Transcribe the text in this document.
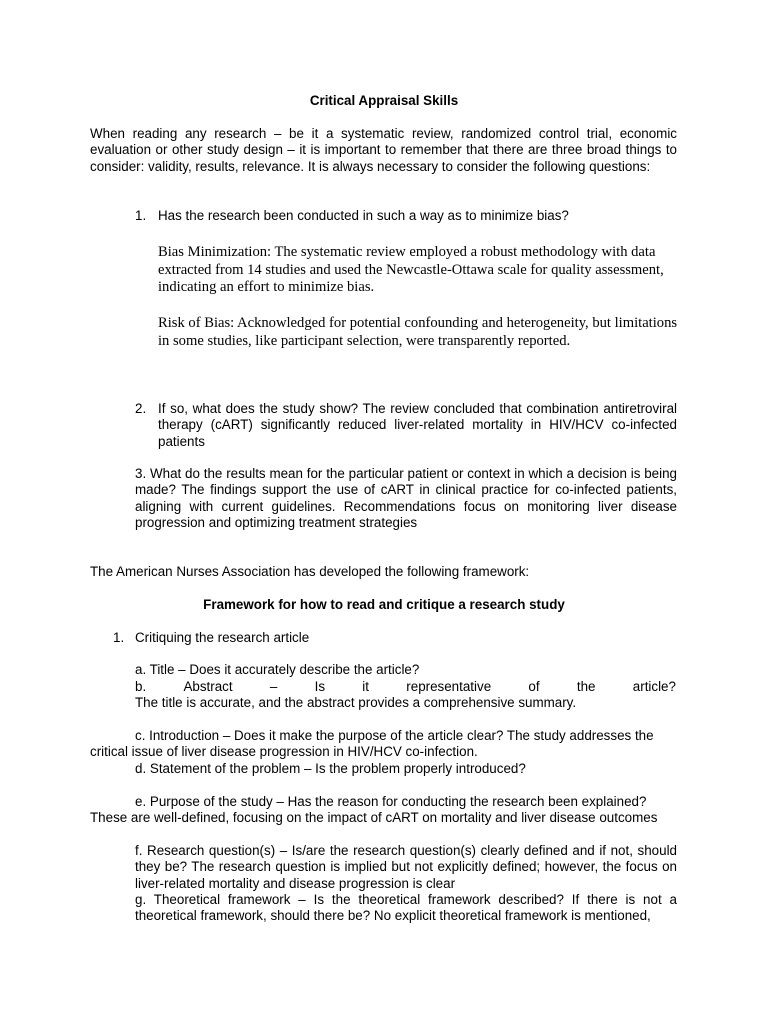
Critical Appraisal Skills

When reading any research – be it a systematic review, randomized control trial, economic evaluation or other study design – it is important to remember that there are three broad things to consider: validity, results, relevance. It is always necessary to consider the following questions:

1. Has the research been conducted in such a way as to minimize bias?

Bias Minimization: The systematic review employed a robust methodology with data extracted from 14 studies and used the Newcastle-Ottawa scale for quality assessment, indicating an effort to minimize bias.

Risk of Bias: Acknowledged for potential confounding and heterogeneity, but limitations in some studies, like participant selection, were transparently reported.

2. If so, what does the study show? The review concluded that combination antiretroviral therapy (cART) significantly reduced liver-related mortality in HIV/HCV co-infected patients

3. What do the results mean for the particular patient or context in which a decision is being made? The findings support the use of cART in clinical practice for co-infected patients, aligning with current guidelines. Recommendations focus on monitoring liver disease progression and optimizing treatment strategies

The American Nurses Association has developed the following framework:

Framework for how to read and critique a research study
1. Critiquing the research article

a. Title – Does it accurately describe the article?

b.	Abstract	–	Is	it	representative	of	the	article?

The title is accurate, and the abstract provides a comprehensive summary.

c. Introduction – Does it make the purpose of the article clear? The study addresses the

critical issue of liver disease progression in HIV/HCV co-infection.

d. Statement of the problem – Is the problem properly introduced?

e. Purpose of the study – Has the reason for conducting the research been explained?

These are well-defined, focusing on the impact of cART on mortality and liver disease outcomes

f. Research question(s) – Is/are the research question(s) clearly defined and if not, should they be? The research question is implied but not explicitly defined; however, the focus on liver-related mortality and disease progression is clear

g. Theoretical framework – Is the theoretical framework described? If there is not a theoretical framework, should there be? No explicit theoretical framework is mentioned,
